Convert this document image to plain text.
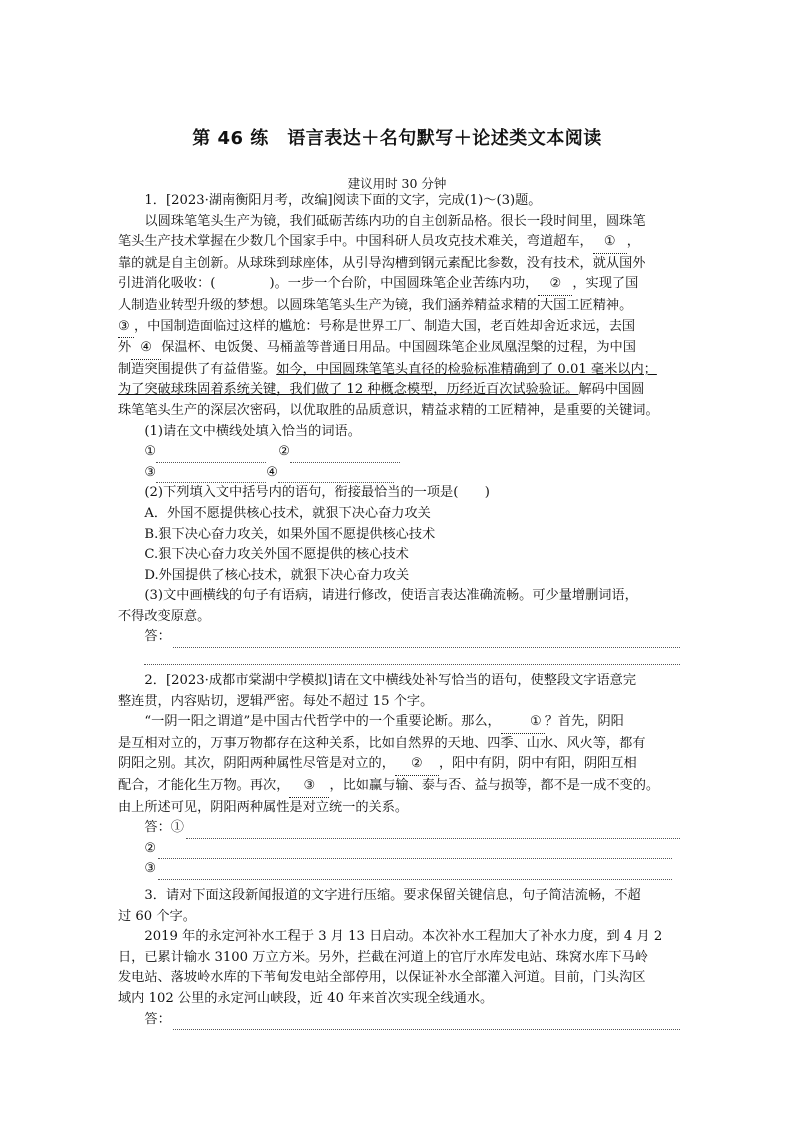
第 46 练　语言表达＋名句默写＋论述类文本阅读
建议用时 30 分钟

1．[2023·湖南衡阳月考，改编]阅读下面的文字，完成(1)～(3)题。

以圆珠笔笔头生产为镜，我们砥砺苦练内功的自主创新品格。很长一段时间里，圆珠笔

笔头生产技术掌握在少数几个国家手中。中国科研人员攻克技术难关，弯道超车， ① ，

靠的就是自主创新。从球珠到球座体，从引导沟槽到钢元素配比参数，没有技术，就从国外

引进消化吸收：(	)。一步一个台阶，中国圆珠笔企业苦练内功， ② ，实现了国

人制造业转型升级的梦想。以圆珠笔笔头生产为镜，我们涵养精益求精的大国工匠精神。

③ ，中国制造面临过这样的尴尬：号称是世界工厂、制造大国，老百姓却舍近求远，去国

外 ④ 保温杯、电饭煲、马桶盖等普通日用品。中国圆珠笔企业凤凰涅槃的过程，为中国

制造突围提供了有益借鉴。如今，中国圆珠笔笔头直径的检验标准精确到了 0.01 毫米以内；

为了突破球珠固着系统关键，我们做了 12 种概念模型，历经近百次试验验证。解码中国圆

珠笔笔头生产的深层次密码，以优取胜的品质意识，精益求精的工匠精神，是重要的关键词。

(1)请在文中横线处填入恰当的词语。

①	②
③	④

(2)下列填入文中括号内的语句，衔接最恰当的一项是(　　)

A．外国不愿提供核心技术，就狠下决心奋力攻关

B.狠下决心奋力攻关，如果外国不愿提供核心技术

C.狠下决心奋力攻关外国不愿提供的核心技术

D.外国提供了核心技术，就狠下决心奋力攻关

(3)文中画横线的句子有语病，请进行修改，使语言表达准确流畅。可少量增删词语，

不得改变原意。

答：

2．[2023·成都市棠湖中学模拟]请在文中横线处补写恰当的语句，使整段文字语意完

整连贯，内容贴切，逻辑严密。每处不超过 15 个字。

“一阴一阳之谓道”是中国古代哲学中的一个重要论断。那么， ① ？首先，阴阳

是互相对立的，万事万物都存在这种关系，比如自然界的天地、四季、山水、风火等，都有

阴阳之别。其次，阴阳两种属性尽管是对立的， ② ，阳中有阴，阴中有阳，阴阳互相

配合，才能化生万物。再次， ③ ，比如赢与输、泰与否、益与损等，都不是一成不变的。

由上所述可见，阴阳两种属性是对立统一的关系。

答：①
②
③

3．请对下面这段新闻报道的文字进行压缩。要求保留关键信息，句子简洁流畅，不超

过 60 个字。

2019 年的永定河补水工程于 3 月 13 日启动。本次补水工程加大了补水力度，到 4 月 2

日，已累计输水 3100 万立方米。另外，拦截在河道上的官厅水库发电站、珠窝水库下马岭

发电站、落坡岭水库的下苇甸发电站全部停用，以保证补水全部灌入河道。目前，门头沟区

域内 102 公里的永定河山峡段，近 40 年来首次实现全线通水。

答：
